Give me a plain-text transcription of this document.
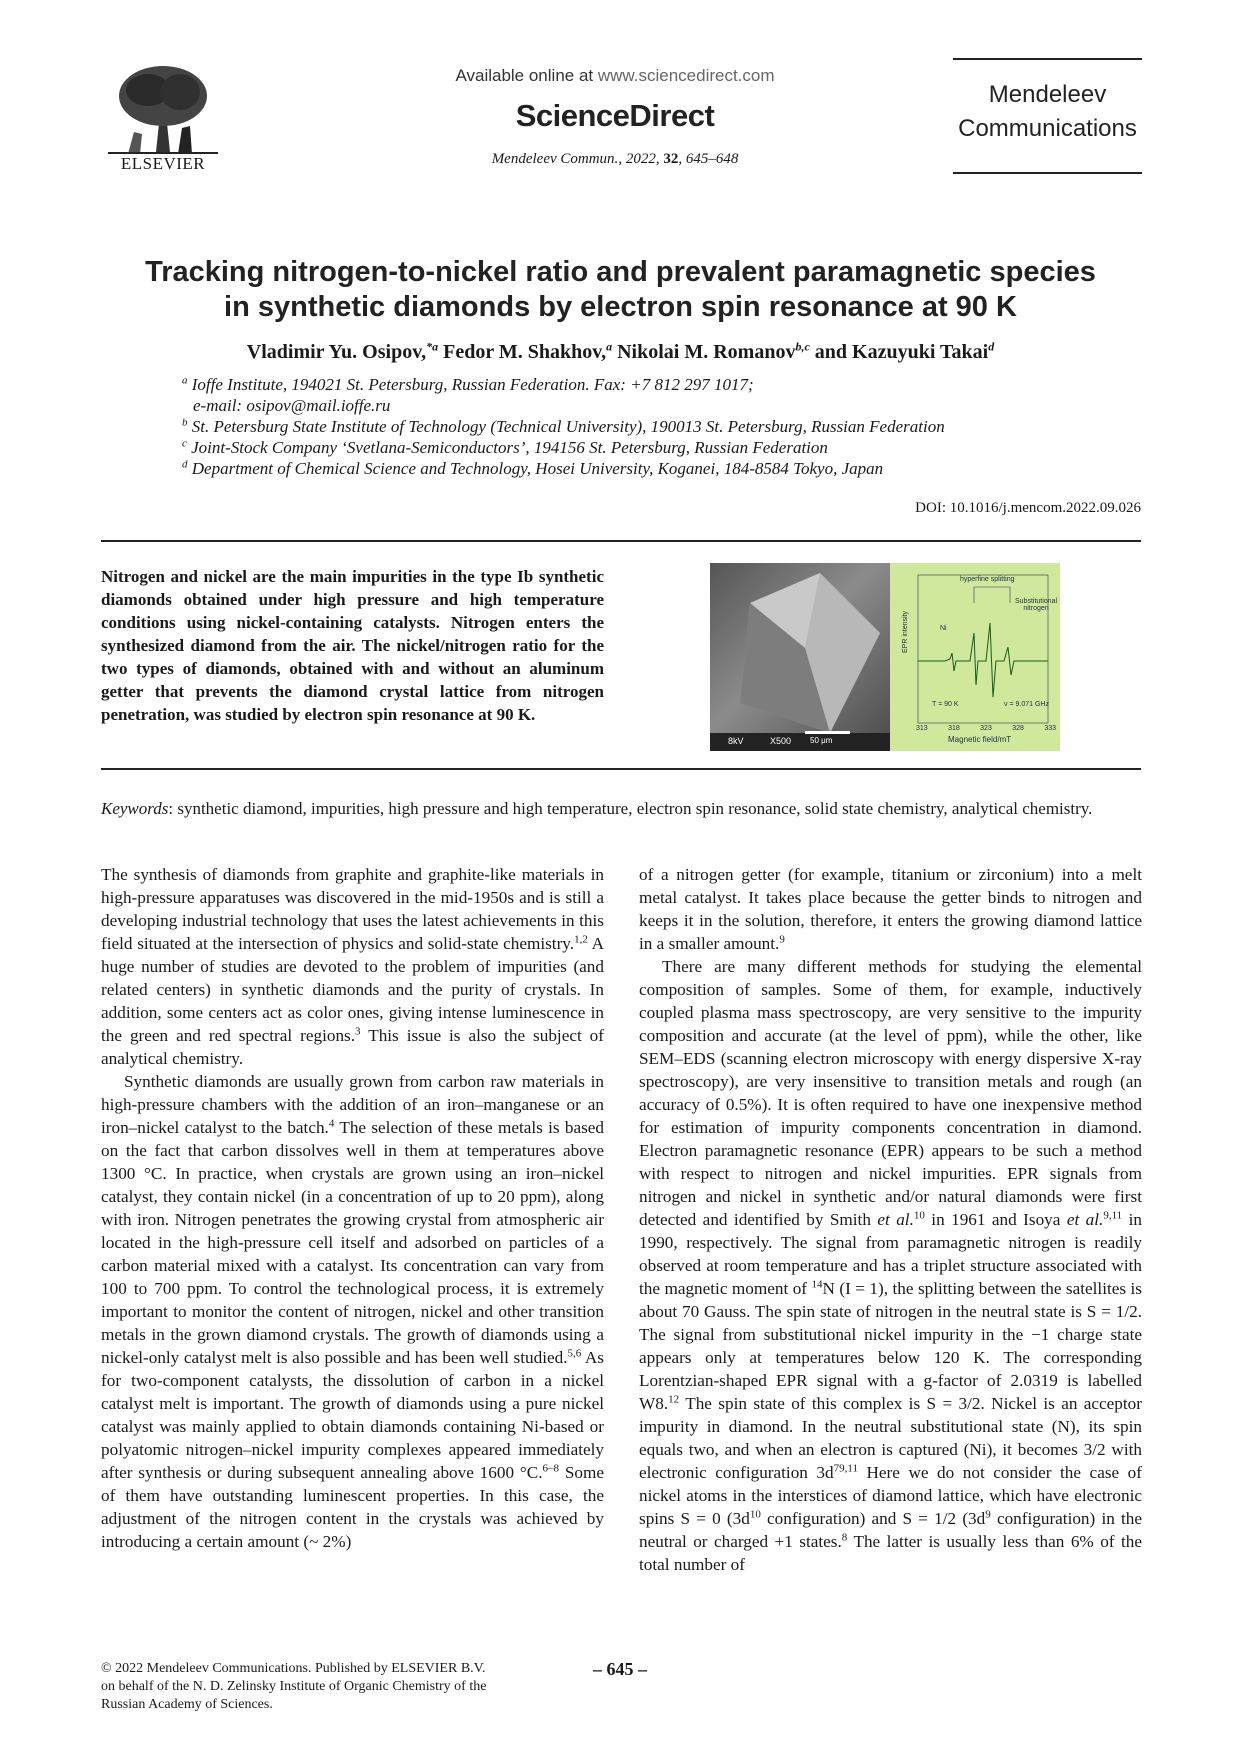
ELSEVIER
Available online at www.sciencedirect.com
ScienceDirect
Mendeleev Commun., 2022, 32, 645–648
Mendeleev
Communications
Tracking nitrogen-to-nickel ratio and prevalent paramagnetic species
in synthetic diamonds by electron spin resonance at 90 K
Vladimir Yu. Osipov,$^{*a}$ Fedor M. Shakhov,$^a$ Nikolai M. Romanov$^{b,c}$ and Kazuyuki Takai$^d$
$^a$ Ioffe Institute, 194021 St. Petersburg, Russian Federation. Fax: +7 812 297 1017;
e-mail: osipov@mail.ioffe.ru
$^b$ St. Petersburg State Institute of Technology (Technical University), 190013 St. Petersburg, Russian Federation
$^c$ Joint-Stock Company ‘Svetlana-Semiconductors’, 194156 St. Petersburg, Russian Federation
$^d$ Department of Chemical Science and Technology, Hosei University, Koganei, 184-8584 Tokyo, Japan
DOI: 10.1016/j.mencom.2022.09.026
Nitrogen and nickel are the main impurities in the type Ib synthetic diamonds obtained under high pressure and high temperature conditions using nickel-containing catalysts. Nitrogen enters the synthesized diamond from the air. The nickel/nitrogen ratio for the two types of diamonds, obtained with and without an aluminum getter that prevents the diamond crystal lattice from nitrogen penetration, was studied by electron spin resonance at 90 K.
8kV	X500 50 μm
EPR intensity
hyperfine splitting
Substitutional
nitrogen
Ni
T = 90 K	ν = 9.071 GHz
313	318	323	328	333
Magnetic field/mT
Keywords: synthetic diamond, impurities, high pressure and high temperature, electron spin resonance, solid state chemistry, analytical chemistry.

The synthesis of diamonds from graphite and graphite-like materials in high-pressure apparatuses was discovered in the mid-1950s and is still a developing industrial technology that uses the latest achievements in this field situated at the intersection of physics and solid-state chemistry.$^{1,2}$ A huge number of studies are devoted to the problem of impurities (and related centers) in synthetic diamonds and the purity of crystals. In addition, some centers act as color ones, giving intense luminescence in the green and red spectral regions.$^3$ This issue is also the subject of analytical chemistry.

Synthetic diamonds are usually grown from carbon raw materials in high-pressure chambers with the addition of an iron–manganese or an iron–nickel catalyst to the batch.$^4$ The selection of these metals is based on the fact that carbon dissolves well in them at temperatures above 1300 °C. In practice, when crystals are grown using an iron–nickel catalyst, they contain nickel (in a concentration of up to 20 ppm), along with iron. Nitrogen penetrates the growing crystal from atmospheric air located in the high-pressure cell itself and adsorbed on particles of a carbon material mixed with a catalyst. Its concentration can vary from 100 to 700 ppm. To control the technological process, it is extremely important to monitor the content of nitrogen, nickel and other transition metals in the grown diamond crystals. The growth of diamonds using a nickel-only catalyst melt is also possible and has been well studied.$^{5,6}$ As for two-component catalysts, the dissolution of carbon in a nickel catalyst melt is important. The growth of diamonds using a pure nickel catalyst was mainly applied to obtain diamonds containing Ni-based or polyatomic nitrogen–nickel impurity complexes appeared immediately after synthesis or during subsequent annealing above 1600 °C.$^{6-8}$ Some of them have outstanding luminescent properties. In this case, the adjustment of the nitrogen content in the crystals was achieved by introducing a certain amount (~ 2%)

of a nitrogen getter (for example, titanium or zirconium) into a melt metal catalyst. It takes place because the getter binds to nitrogen and keeps it in the solution, therefore, it enters the growing diamond lattice in a smaller amount.$^9$

There are many different methods for studying the elemental composition of samples. Some of them, for example, inductively coupled plasma mass spectroscopy, are very sensitive to the impurity composition and accurate (at the level of ppm), while the other, like SEM–EDS (scanning electron microscopy with energy dispersive X-ray spectroscopy), are very insensitive to transition metals and rough (an accuracy of 0.5%). It is often required to have one inexpensive method for estimation of impurity components concentration in diamond. Electron paramagnetic resonance (EPR) appears to be such a method with respect to nitrogen and nickel impurities. EPR signals from nitrogen and nickel in synthetic and/or natural diamonds were first detected and identified by Smith et al.$^{10}$ in 1961 and Isoya et al.$^{9,11}$ in 1990, respectively. The signal from paramagnetic nitrogen is readily observed at room temperature and has a triplet structure associated with the magnetic moment of $^{14}$N (I = 1), the splitting between the satellites is about 70 Gauss. The spin state of nitrogen in the neutral state is S = 1/2. The signal from substitutional nickel impurity in the −1 charge state appears only at temperatures below 120 K. The corresponding Lorentzian-shaped EPR signal with a g-factor of 2.0319 is labelled W8.12 The spin state of this complex is S = 3/2. Nickel is an acceptor impurity in diamond. In the neutral substitutional state (N), its spin equals two, and when an electron is captured (Ni), it becomes 3/2 with electronic configuration $3d^{79,11}$ Here we do not consider the case of nickel atoms in the interstices of diamond lattice, which have electronic spins S = 0 ($3d^{10}$ configuration) and S = 1/2 ($3d^9$ configuration) in the neutral or charged +1 states.$^8$ The latter is usually less than 6% of the total number of

© 2022 Mendeleev Communications. Published by ELSEVIER B.V.
on behalf of the N. D. Zelinsky Institute of Organic Chemistry of the
Russian Academy of Sciences.
– 645 –
